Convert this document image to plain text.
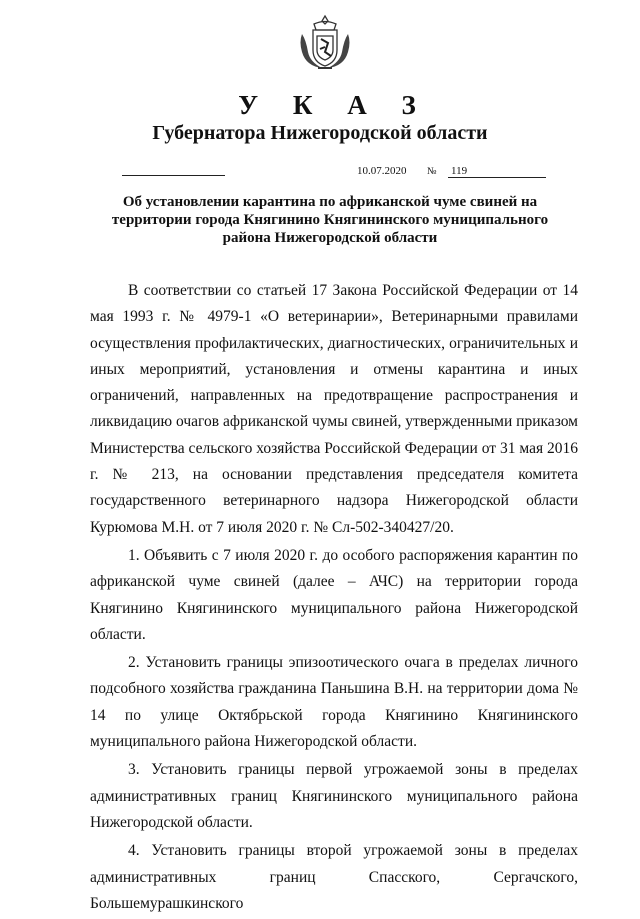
У К А З
Губернатора Нижегородской области
10.07.2020 № 119
Об установлении карантина по африканской чуме свиней на территории города Княгинино Княгининского муниципального района Нижегородской области

В соответствии со статьей 17 Закона Российской Федерации от 14 мая 1993 г. № 4979-1 «О ветеринарии», Ветеринарными правилами осуществления профилактических, диагностических, ограничительных и иных мероприятий, установления и отмены карантина и иных ограничений, направленных на предотвращение распространения и ликвидацию очагов африканской чумы свиней, утвержденными приказом Министерства сельского хозяйства Российской Федерации от 31 мая 2016 г. № 213, на основании представления председателя комитета государственного ветеринарного надзора Нижегородской области Курюмова М.Н. от 7 июля 2020 г. № Сл-502-340427/20.

1. Объявить с 7 июля 2020 г. до особого распоряжения карантин по африканской чуме свиней (далее – АЧС) на территории города Княгинино Княгининского муниципального района Нижегородской области.

2. Установить границы эпизоотического очага в пределах личного подсобного хозяйства гражданина Паньшина В.Н. на территории дома № 14 по улице Октябрьской города Княгинино Княгининского муниципального района Нижегородской области.

3. Установить границы первой угрожаемой зоны в пределах административных границ Княгининского муниципального района Нижегородской области.

4. Установить границы второй угрожаемой зоны в пределах административных границ Спасского, Сергачского, Большемурашкинского
